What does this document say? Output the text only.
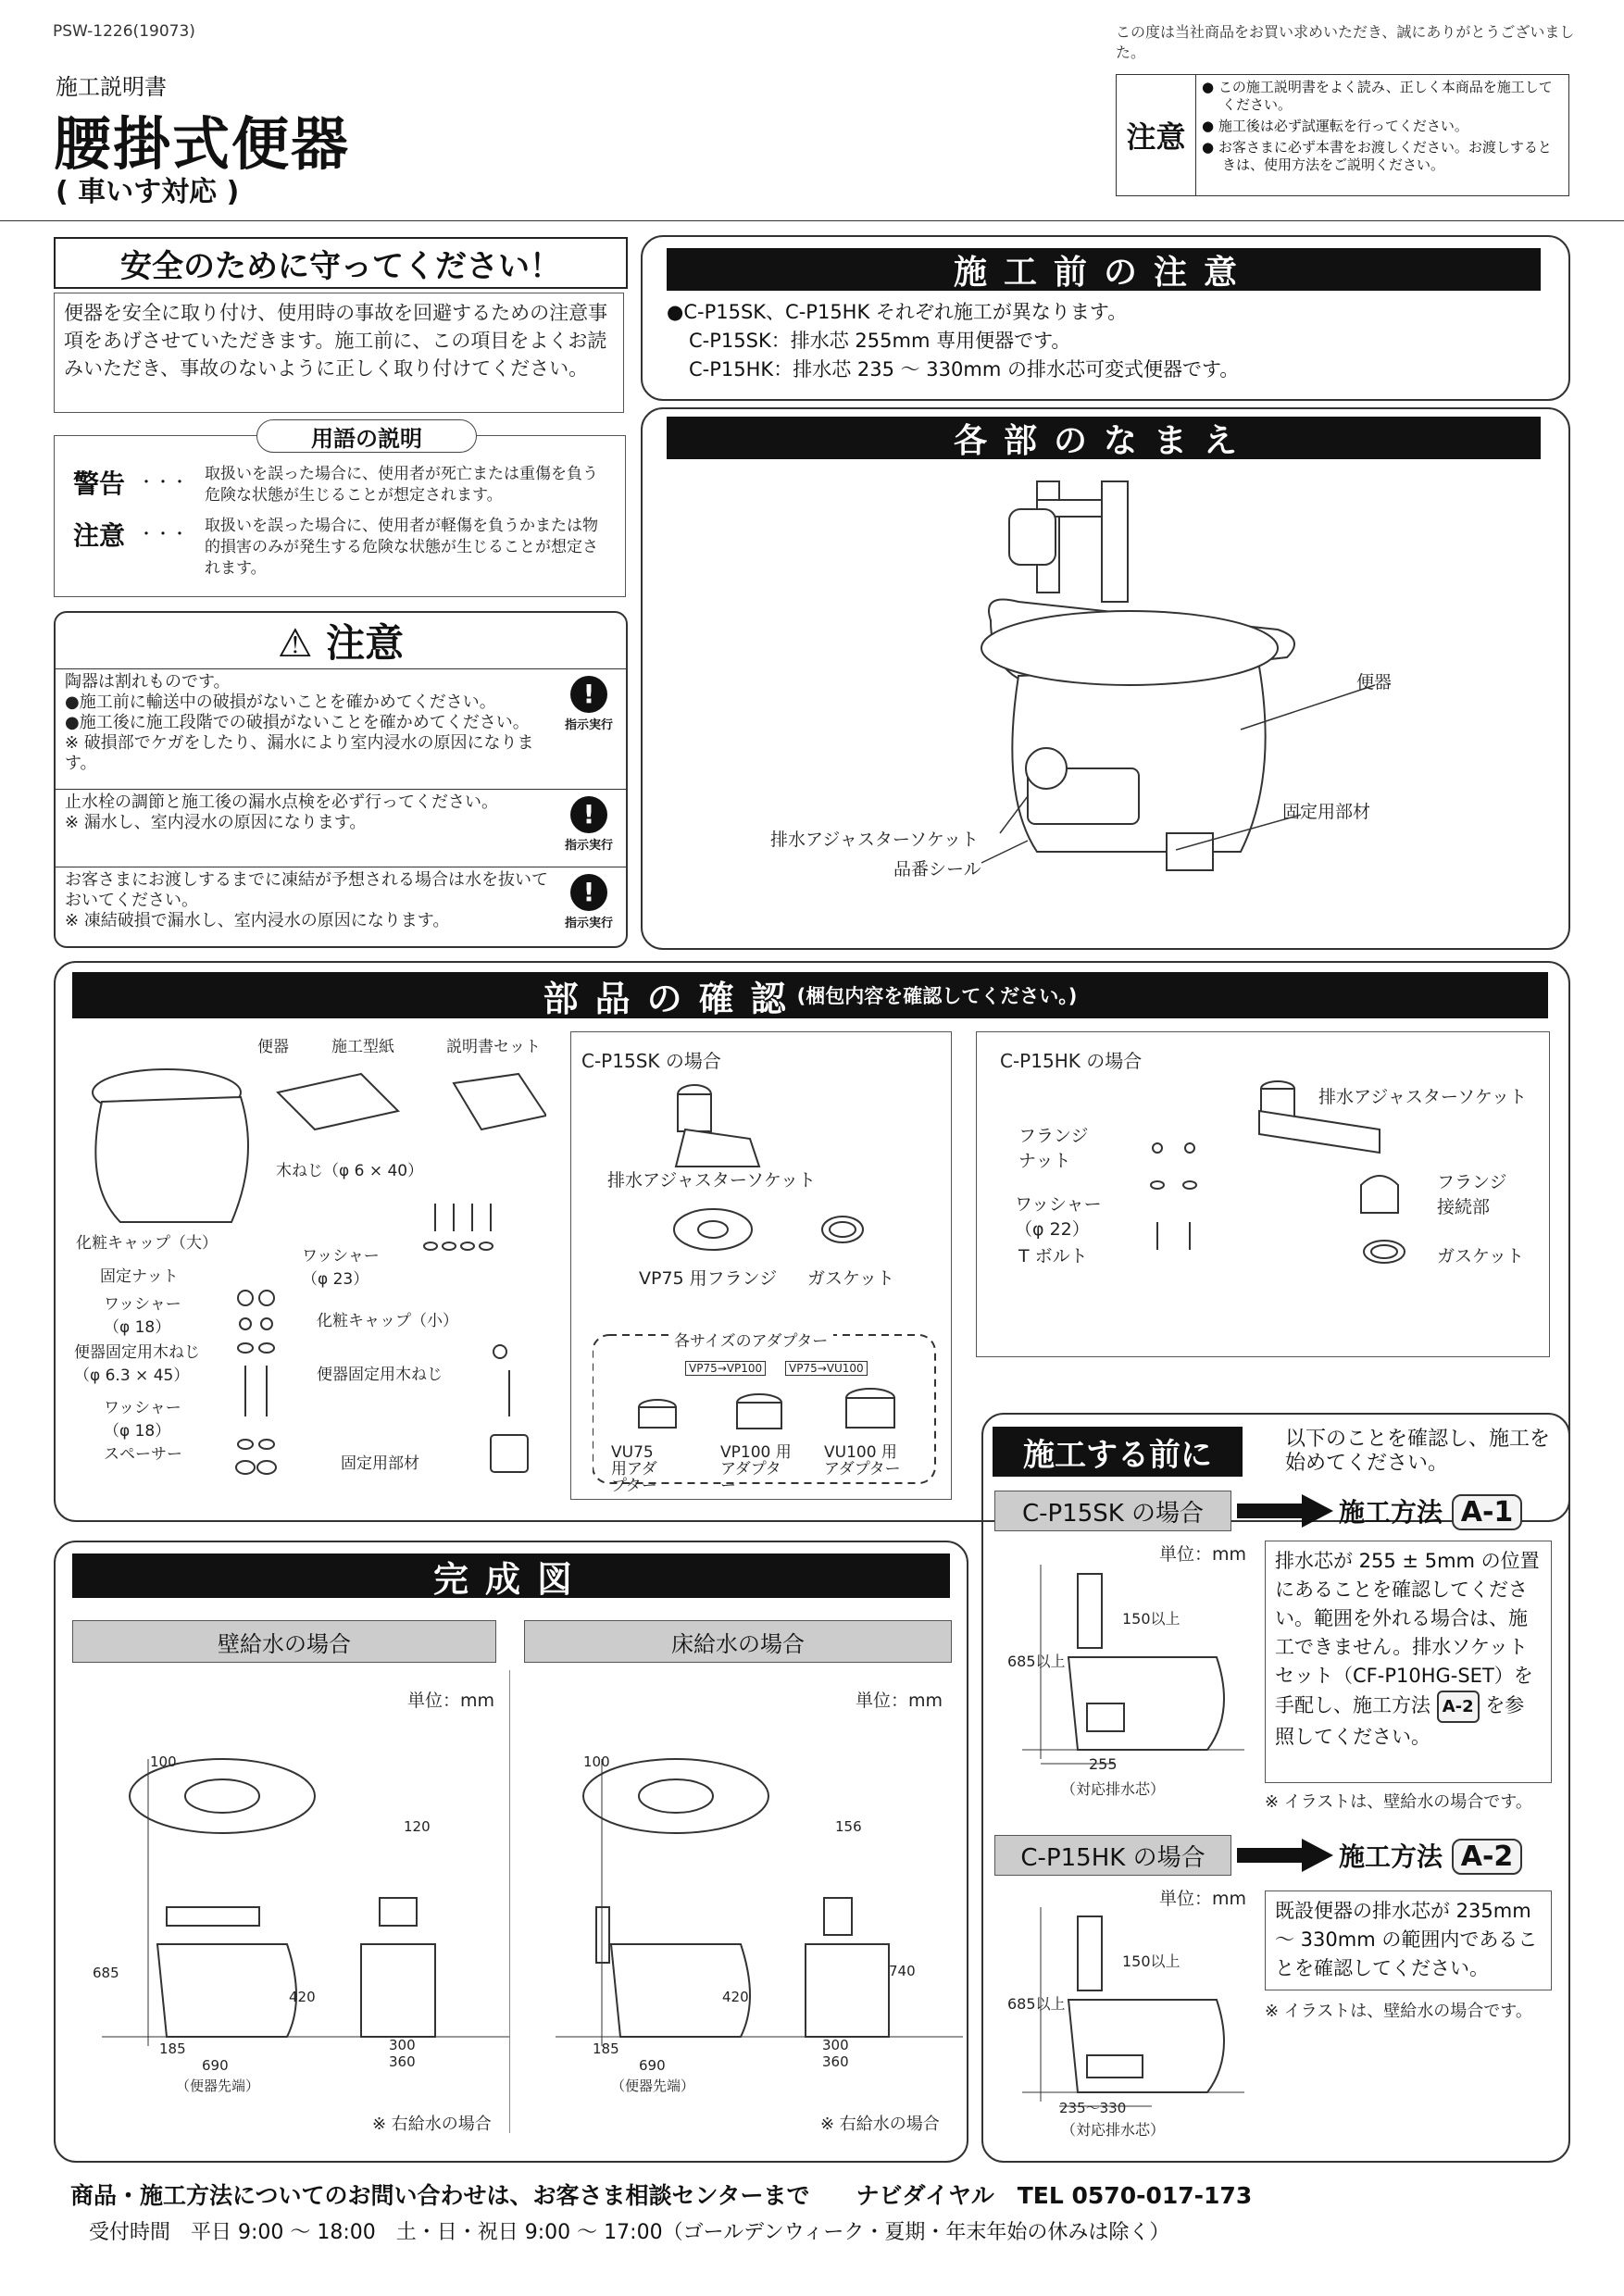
PSW-1226(19073)
施工説明書
腰掛式便器
( 車いす対応 )
この度は当社商品をお買い求めいただき、誠にありがとうございました。
注意
● この施工説明書をよく読み、正しく本商品を施工してください。
● 施工後は必ず試運転を行ってください。
● お客さまに必ず本書をお渡しください。お渡しするときは、使用方法をご説明ください。
安全のために守ってください！
便器を安全に取り付け、使用時の事故を回避するための注意事項をあげさせていただきます。施工前に、この項目をよくお読みいただき、事故のないように正しく取り付けてください。
用語の説明
警告 ・・・ 取扱いを誤った場合に、使用者が死亡または重傷を負う危険な状態が生じることが想定されます。
注意 ・・・ 取扱いを誤った場合に、使用者が軽傷を負うかまたは物的損害のみが発生する危険な状態が生じることが想定されます。
⚠ 注意
陶器は割れものです。
●施工前に輸送中の破損がないことを確かめてください。
●施工後に施工段階での破損がないことを確かめてください。
※ 破損部でケガをしたり、漏水により室内浸水の原因になります。
!
指示実行
止水栓の調節と施工後の漏水点検を必ず行ってください。
※ 漏水し、室内浸水の原因になります。	!
指示実行
お客さまにお渡しするまでに凍結が予想される場合は水を抜いておいてください。
※ 凍結破損で漏水し、室内浸水の原因になります。
!
指示実行
施工前の注意
●C-P15SK、C-P15HK それぞれ施工が異なります。
C-P15SK：排水芯 255mm 専用便器です。
C-P15HK：排水芯 235 ～ 330mm の排水芯可変式便器です。
各部のなまえ
便器
固定用部材
排水アジャスターソケット
品番シール
部品の確認
(梱包内容を確認してください。)
便器	施工型紙	説明書セット
木ねじ（φ 6 × 40）
ワッシャー（φ 23）
化粧キャップ（大）
固定ナット
ワッシャー（φ 18）
便器固定用木ねじ（φ 6.3 × 45）
ワッシャー（φ 18）
スペーサー
化粧キャップ（小）
便器固定用木ねじ
固定用部材
C-P15SK の場合
排水アジャスターソケット
VP75 用フランジ ガスケット
各サイズのアダプター
VP75→VP100	VP75→VU100
VU75 用アダプター
VP100 用アダプター
VU100 用アダプター
C-P15HK の場合
排水アジャスターソケット
フランジナット
ワッシャー（φ 22）
T ボルト
フランジ接続部
ガスケット
完成図
壁給水の場合	床給水の場合
単位：mm	単位：mm
100
120
685
420
185
690
（便器先端）
300
360
※ 右給水の場合
100
156
740
420
185
690
（便器先端）
300
360
※ 右給水の場合
施工する前に	以下のことを確認し、施工を始めてください。
C-P15SK の場合	施工方法 A-1
単位：mm
150以上
685以上
255
（対応排水芯）
排水芯が 255 ± 5mm の位置にあることを確認してください。範囲を外れる場合は、施工できません。排水ソケットセット（CF-P10HG-SET）を手配し、施工方法 A-2 を参照してください。
※ イラストは、壁給水の場合です。
C-P15HK の場合	施工方法 A-2
単位：mm
150以上
685以上
235～330
（対応排水芯）
既設便器の排水芯が 235mm ～ 330mm の範囲内であることを確認してください。
※ イラストは、壁給水の場合です。
商品・施工方法についてのお問い合わせは、お客さま相談センターまで　　ナビダイヤル　TEL 0570-017-173
受付時間　平日 9:00 ～ 18:00　土・日・祝日 9:00 ～ 17:00（ゴールデンウィーク・夏期・年末年始の休みは除く）
